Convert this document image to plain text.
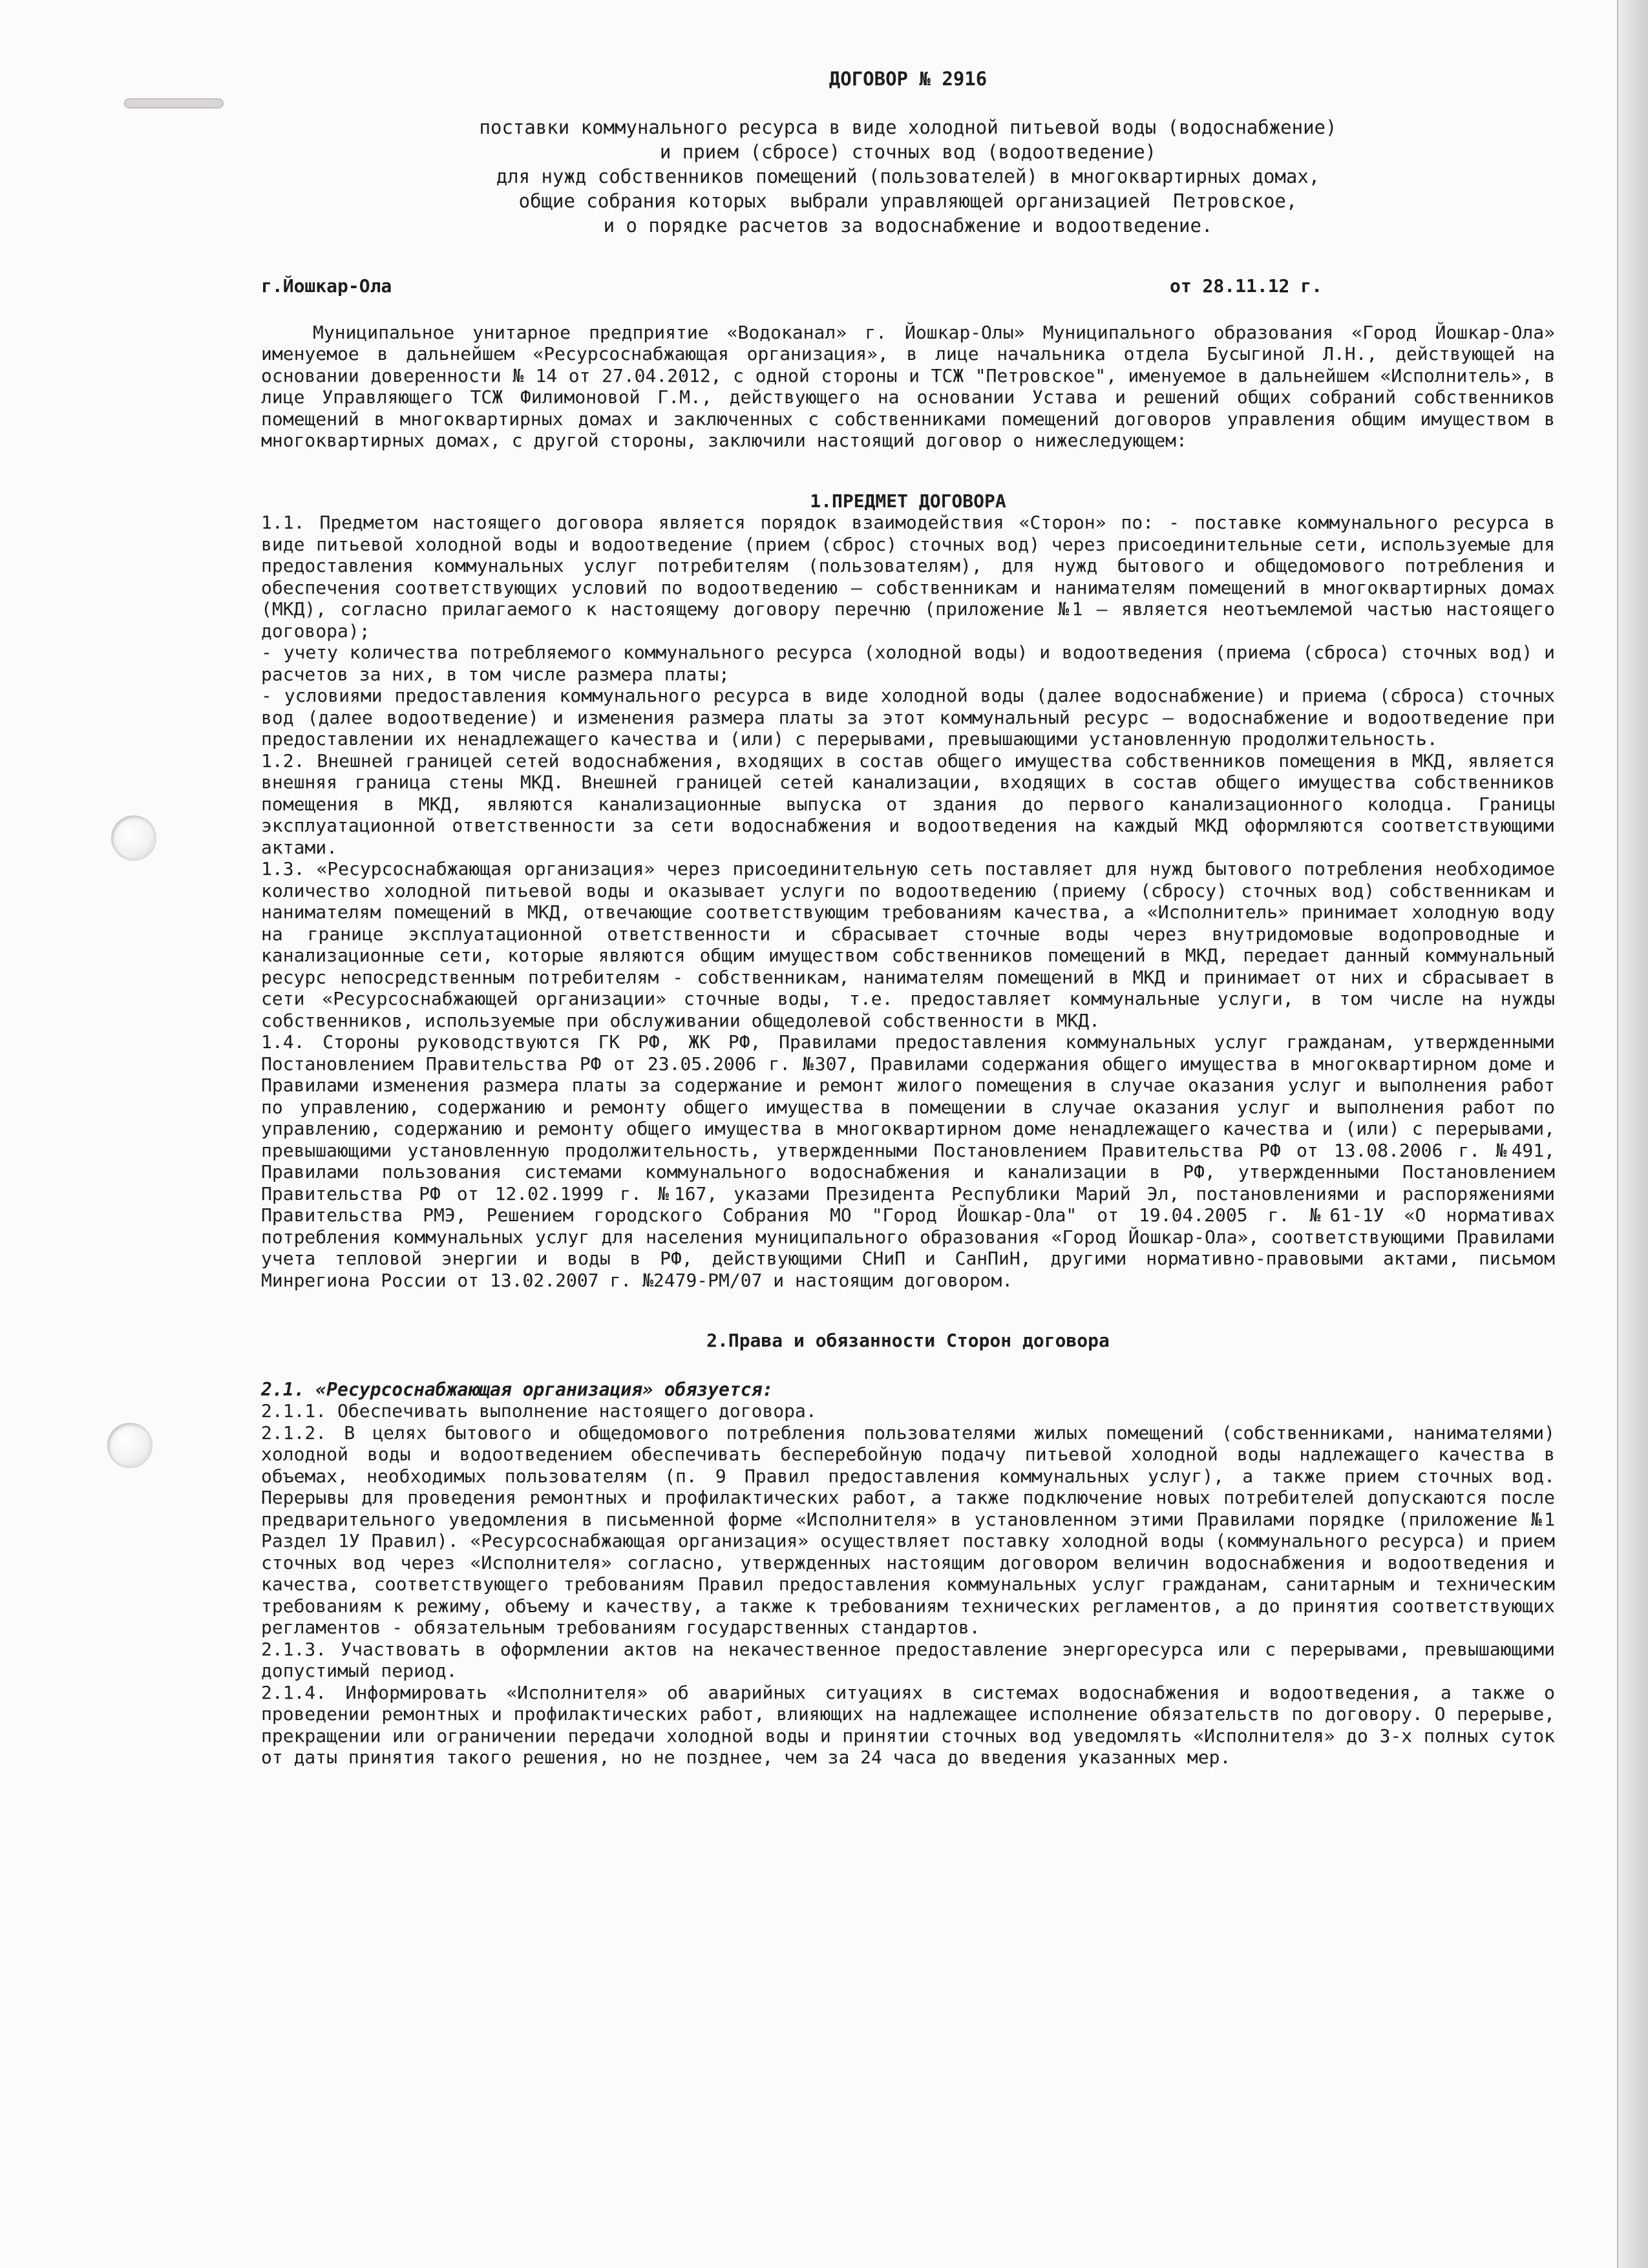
ДОГОВОР № 2916
поставки коммунального ресурса в виде холодной питьевой воды (водоснабжение)
и прием (сбросе) сточных вод (водоотведение)
для нужд собственников помещений (пользователей) в многоквартирных домах,
общие собрания которых  выбрали управляющей организацией  Петровское,
и о порядке расчетов за водоснабжение и водоотведение.
г.Йошкар-Ола	от 28.11.12 г.

Муниципальное унитарное предприятие «Водоканал» г. Йошкар-Олы» Муниципального образования «Город Йошкар-Ола» именуемое в дальнейшем «Ресурсоснабжающая организация», в лице начальника отдела Бусыгиной Л.Н., действующей на основании доверенности № 14 от 27.04.2012, с одной стороны и ТСЖ "Петровское", именуемое в дальнейшем «Исполнитель», в лице Управляющего ТСЖ Филимоновой Г.М., действующего на основании Устава и решений общих собраний собственников помещений в многоквартирных домах и заключенных с собственниками помещений договоров управления общим имуществом в многоквартирных домах, с другой стороны, заключили настоящий договор о нижеследующем:

1.ПРЕДМЕТ ДОГОВОРА

1.1. Предметом настоящего договора является порядок взаимодействия «Сторон» по: - поставке коммунального ресурса в виде питьевой холодной воды и водоотведение (прием (сброс) сточных вод) через присоединительные сети, используемые для предоставления коммунальных услуг потребителям (пользователям), для нужд бытового и общедомового потребления и обеспечения соответствующих условий по водоотведению — собственникам и нанимателям помещений в многоквартирных домах (МКД), согласно прилагаемого к настоящему договору перечню (приложение №1 — является неотъемлемой частью настоящего договора);

- учету количества потребляемого коммунального ресурса (холодной воды) и водоотведения (приема (сброса) сточных вод) и расчетов за них, в том числе размера платы;

- условиями предоставления коммунального ресурса в виде холодной воды (далее водоснабжение) и приема (сброса) сточных вод (далее водоотведение) и изменения размера платы за этот коммунальный ресурс — водоснабжение и водоотведение при предоставлении их ненадлежащего качества и (или) с перерывами, превышающими установленную продолжительность.

1.2. Внешней границей сетей водоснабжения, входящих в состав общего имущества собственников помещения в МКД, является внешняя граница стены МКД. Внешней границей сетей канализации, входящих в состав общего имущества собственников помещения в МКД, являются канализационные выпуска от здания до первого канализационного колодца. Границы эксплуатационной ответственности за сети водоснабжения и водоотведения на каждый МКД оформляются соответствующими актами.

1.3. «Ресурсоснабжающая организация» через присоединительную сеть поставляет для нужд бытового потребления необходимое количество холодной питьевой воды и оказывает услуги по водоотведению (приему (сбросу) сточных вод) собственникам и нанимателям помещений в МКД, отвечающие соответствующим требованиям качества, а «Исполнитель» принимает холодную воду на границе эксплуатационной ответственности и сбрасывает сточные воды через внутридомовые водопроводные и канализационные сети, которые являются общим имуществом собственников помещений в МКД, передает данный коммунальный ресурс непосредственным потребителям - собственникам, нанимателям помещений в МКД и принимает от них и сбрасывает в сети «Ресурсоснабжающей организации» сточные воды, т.е. предоставляет коммунальные услуги, в том числе на нужды собственников, используемые при обслуживании общедолевой собственности в МКД.

1.4. Стороны руководствуются ГК РФ, ЖК РФ, Правилами предоставления коммунальных услуг гражданам, утвержденными Постановлением Правительства РФ от 23.05.2006 г. №307, Правилами содержания общего имущества в многоквартирном доме и Правилами изменения размера платы за содержание и ремонт жилого помещения в случае оказания услуг и выполнения работ по управлению, содержанию и ремонту общего имущества в помещении в случае оказания услуг и выполнения работ по управлению, содержанию и ремонту общего имущества в многоквартирном доме ненадлежащего качества и (или) с перерывами, превышающими установленную продолжительность, утвержденными Постановлением Правительства РФ от 13.08.2006 г. №491, Правилами пользования системами коммунального водоснабжения и канализации в РФ, утвержденными Постановлением Правительства РФ от 12.02.1999 г. №167, указами Президента Республики Марий Эл, постановлениями и распоряжениями Правительства РМЭ, Решением городского Собрания МО "Город Йошкар-Ола" от 19.04.2005 г. №61-1У «О нормативах потребления коммунальных услуг для населения муниципального образования «Город Йошкар-Ола», соответствующими Правилами учета тепловой энергии и воды в РФ, действующими СНиП и СанПиН, другими нормативно-правовыми актами, письмом Минрегиона России от 13.02.2007 г. №2479-РМ/07 и настоящим договором.

2.Права и обязанности Сторон договора

2.1. «Ресурсоснабжающая организация» обязуется:

2.1.1. Обеспечивать выполнение настоящего договора.

2.1.2. В целях бытового и общедомового потребления пользователями жилых помещений (собственниками, нанимателями) холодной воды и водоотведением обеспечивать бесперебойную подачу питьевой холодной воды надлежащего качества в объемах, необходимых пользователям (п. 9 Правил предоставления коммунальных услуг), а также прием сточных вод. Перерывы для проведения ремонтных и профилактических работ, а также подключение новых потребителей допускаются после предварительного уведомления в письменной форме «Исполнителя» в установленном этими Правилами порядке (приложение №1 Раздел 1У Правил). «Ресурсоснабжающая организация» осуществляет поставку холодной воды (коммунального ресурса) и прием сточных вод через «Исполнителя» согласно, утвержденных настоящим договором величин водоснабжения и водоотведения и качества, соответствующего требованиям Правил предоставления коммунальных услуг гражданам, санитарным и техническим требованиям к режиму, объему и качеству, а также к требованиям технических регламентов, а до принятия соответствующих регламентов - обязательным требованиям государственных стандартов.

2.1.3. Участвовать в оформлении актов на некачественное предоставление энергоресурса или с перерывами, превышающими допустимый период.

2.1.4. Информировать «Исполнителя» об аварийных ситуациях в системах водоснабжения и водоотведения, а также о проведении ремонтных и профилактических работ, влияющих на надлежащее исполнение обязательств по договору. О перерыве, прекращении или ограничении передачи холодной воды и принятии сточных вод уведомлять «Исполнителя» до 3-х полных суток от даты принятия такого решения, но не позднее, чем за 24 часа до введения указанных мер.
